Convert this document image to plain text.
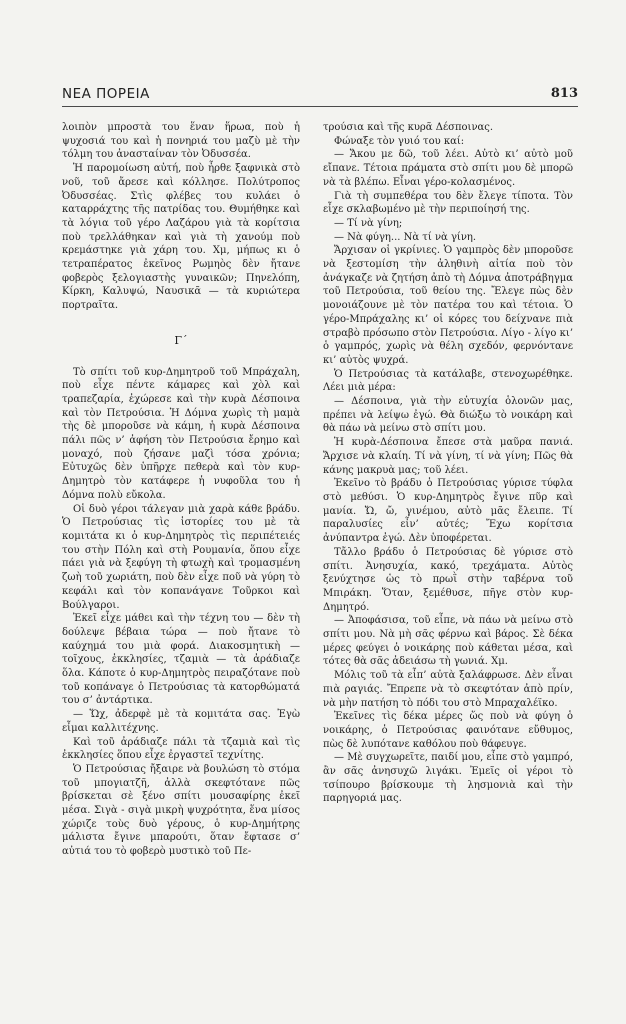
ΝΕΑ ΠΟΡΕΙΑ	813

λοιπὸν μπροστὰ του ἕναν ἥρωα, ποὺ ἡ ψυχοσιά του καὶ ἡ πονηριά του μαζὺ μὲ τὴν τόλμη του ἀνασταίναν τὸν Ὀδυσσέα.

Ἡ παρομοίωση αὐτή, ποὺ ἦρθε ξαφνικὰ στὸ νοῦ, τοῦ ἄρεσε καὶ κόλλησε. Πολύτροπος Ὀδυσσέας. Στὶς φλέβες του κυλάει ὁ καταρράχτης τῆς πατρίδας του. Θυμήθηκε καὶ τὰ λόγια τοῦ γέρο Λαζάρου γιὰ τὰ κορίτσια ποὺ τρελλάθηκαν καὶ γιὰ τὴ χανούμ ποὺ κρεμάστηκε γιὰ χάρη του. Χμ, μήπως κι ὁ τετραπέρατος ἐκεῖνος Ρωμηὸς δὲν ἤτανε φοβερὸς ξελογιαστὴς γυναικῶν; Πηνελόπη, Κίρκη, Καλυψώ, Ναυσικᾶ — τὰ κυριώτερα πορτραῖτα.

Γ΄

Τὸ σπίτι τοῦ κυρ-Δημητροῦ τοῦ Μπράχαλη, ποὺ εἶχε πέντε κάμαρες καὶ χὸλ καὶ τραπεζαρία, ἐχώρεσε καὶ τὴν κυρὰ Δέσποινα καὶ τὸν Πετρούσια. Ἡ Δόμνα χωρὶς τὴ μαμὰ τὴς δὲ μποροῦσε νὰ κάμη, ἡ κυρὰ Δέσποινα πάλι πῶς ν’ ἀφήση τὸν Πετρούσια ἔρημο καὶ μοναχό, ποὺ ζήσανε μαζὶ τόσα χρόνια; Εὐτυχῶς δὲν ὑπῆρχε πεθερὰ καὶ τὸν κυρ-Δημητρὸ τὸν κατάφερε ἡ νυφοῦλα του ἡ Δόμνα πολὺ εὔκολα.

Οἱ δυὸ γέροι τάλεγαν μιὰ χαρὰ κάθε βράδυ. Ὁ Πετρούσιας τὶς ἱστορίες του μὲ τὰ κομιτάτα κι ὁ κυρ-Δημητρὸς τὶς περιπέτειές του στὴν Πόλη καὶ στὴ Ρουμανία, ὅπου εἶχε πάει γιὰ νὰ ξεφύγη τὴ φτωχὴ καὶ τρομασμένη ζωὴ τοῦ χωριάτη, ποὺ δὲν εἶχε ποῦ νὰ γύρη τὸ κεφάλι καὶ τὸν κοπανάγανε Τοῦρκοι καὶ Βούλγαροι.

Ἐκεῖ εἶχε μάθει καὶ τὴν τέχνη του — δὲν τὴ δούλεψε βέβαια τώρα — ποὺ ἤτανε τὸ καύχημά του μιὰ φορά. Διακοσμητικὴ — τοῖχους, ἐκκλησίες, τζαμιὰ — τὰ ἀράδιαζε ὅλα. Κάποτε ὁ κυρ-Δημητρὸς πειραζότανε ποὺ τοῦ κοπάναγε ὁ Πετρούσιας τὰ κατορθώματά του σ’ ἀντάρτικα.

— Ὥχ, ἀδερφὲ μὲ τὰ κομιτάτα σας. Ἐγὼ εἶμαι καλλιτέχνης.

Καὶ τοῦ ἀράδιαζε πάλι τὰ τζαμιὰ καὶ τὶς ἐκκλησίες ὅπου εἶχε ἐργαστεῖ τεχνίτης.

Ὁ Πετρούσιας ἤξαιρε νὰ βουλώση τὸ στόμα τοῦ μπογιατζῆ, ἀλλὰ σκεφτότανε πῶς βρίσκεται σὲ ξένο σπίτι μουσαφίρης ἐκεῖ μέσα. Σιγὰ - σιγὰ μικρὴ ψυχρότητα, ἕνα μίσος χώριζε τοὺς δυὸ γέρους, ὁ κυρ-Δημήτρης μάλιστα ἔγινε μπαρούτι, ὅταν ἔφτασε σ’ αὐτιά του τὸ φοβερὸ μυστικὸ τοῦ Πε-

τρούσια καὶ τῆς κυρᾶ Δέσποινας.

Φώναξε τὸν γυιό του καί:

— Ἄκου με δῶ, τοῦ λέει. Αὐτὸ κι’ αὐτὸ μοῦ εἴπανε. Τέτοια πράματα στὸ σπίτι μου δὲ μπορῶ νὰ τὰ βλέπω. Εἶναι γέρο-κολασμένος.

Γιὰ τὴ συμπεθέρα του δὲν ἔλεγε τίποτα. Τὸν εἶχε σκλαβωμένο μὲ τὴν περιποίησή της.

— Τί νὰ γίνη;

— Νὰ φύγη... Νὰ τί νὰ γίνη.

Ἄρχισαν οἱ γκρίνιες. Ὁ γαμπρὸς δὲν μποροῦσε νὰ ξεστομίση τὴν ἀληθινὴ αἰτία ποὺ τὸν ἀνάγκαζε νὰ ζητήση ἀπὸ τὴ Δόμνα ἀποτράβηγμα τοῦ Πετρούσια, τοῦ θείου της. Ἔλεγε πὼς δὲν μονοιάζουνε μὲ τὸν πατέρα του καὶ τέτοια. Ὁ γέρο-Μπράχαλης κι’ οἱ κόρες του δείχνανε πιὰ στραβὸ πρόσωπο στὸν Πετρούσια. Λίγο - λίγο κι’ ὁ γαμπρός, χωρὶς νὰ θέλη σχεδόν, φερνόντανε κι’ αὐτὸς ψυχρά.

Ὁ Πετρούσιας τὰ κατάλαβε, στενοχωρέθηκε. Λέει μιὰ μέρα:

— Δέσποινα, γιὰ τὴν εὐτυχία ὁλονῶν μας, πρέπει νὰ λείψω ἐγώ. Θὰ διώξω τὸ νοικάρη καὶ θὰ πάω νὰ μείνω στὸ σπίτι μου.

Ἡ κυρὰ-Δέσποινα ἔπεσε στὰ μαῦρα πανιά. Ἄρχισε νὰ κλαίη. Τί νὰ γίνη, τί νὰ γίνη; Πῶς θὰ κάνης μακρυὰ μας; τοῦ λέει.

Ἐκεῖνο τὸ βράδυ ὁ Πετρούσιας γύρισε τύφλα στὸ μεθύσι. Ὁ κυρ-Δημητρὸς ἔγινε πῦρ καὶ μανία. Ὤ, ὤ, γινέμου, αὐτὸ μᾶς ἔλειπε. Τί παραλυσίες εἶν’ αὐτές; Ἔχω κορίτσια ἀνύπαντρα ἐγώ. Δὲν ὑποφέρεται.

Τἄλλο βράδυ ὁ Πετρούσιας δὲ γύρισε στὸ σπίτι. Ἀνησυχία, κακό, τρεχάματα. Αὐτὸς ξενύχτησε ὡς τὸ πρωῒ στὴν ταβέρνα τοῦ Μπιράκη. Ὅταν, ξεμέθυσε, πῆγε στὸν κυρ-Δημητρό.

— Ἀποφάσισα, τοῦ εἶπε, νὰ πάω νὰ μείνω στὸ σπίτι μου. Νὰ μὴ σᾶς φέρνω καὶ βάρος. Σὲ δέκα μέρες φεύγει ὁ νοικάρης ποὺ κάθεται μέσα, καὶ τότες θὰ σᾶς ἀδειάσω τὴ γωνιά. Χμ.

Μόλις τοῦ τὰ εἶπ’ αὐτὰ ξαλάφρωσε. Δὲν εἶναι πιὰ ραγιάς. Ἔπρεπε νὰ τὸ σκεφτόταν ἀπὸ πρίν, νὰ μὴν πατήση τὸ πόδι του στὸ Μπραχαλέϊκο.

Ἐκεῖνες τὶς δέκα μέρες ὥς ποὺ νὰ φύγη ὁ νοικάρης, ὁ Πετρούσιας φαινότανε εὔθυμος, πὼς δὲ λυπότανε καθόλου ποὺ θάφευγε.

— Μὲ συγχωρεῖτε, παιδί μου, εἶπε στὸ γαμπρό, ἂν σᾶς ἀνησυχῶ λιγάκι. Ἐμεῖς οἱ γέροι τὸ τσίπουρο βρίσκουμε τὴ λησμονιὰ καὶ τὴν παρηγοριά μας.
